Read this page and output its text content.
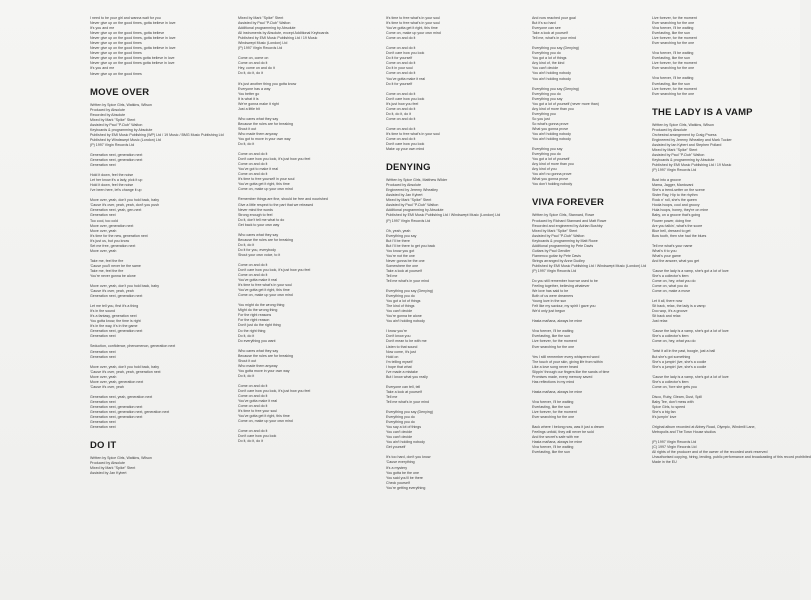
I need to be your girl and wanna wait for you
Never give up on the good times, gotta believe in love
It's you and me
Never give up on the good times, gotta believe
Never give up on the good times, gotta believe in love
Never give up on the good times
Never give up on the good times, gotta believe in love
Never give up on the good times
Never give up on the good times gotta believe in love
Never give up on the good times gotta believe in love
It's you and me
Never give up on the good times
MOVE OVER
Written by Spice Girls, Watkins, Wilson
Produced by Absolute
Recorded by Absolute
Mixed by Mark "Spike" Stent
Assisted by Paul "P-Dub" Walton
Keyboards & programming by Absolute
Published by EMI Music Publishing (WP) Ltd / 19 Music / BMG Music Publishing Ltd
Published by Windswept Music (London) Ltd
(P) 1997 Virgin Records Ltd
Generation next, generation next
Generation next, generation next
Generation next
Hold it down, feel the noise
Let her know it's a lady, pick it up
Hold it down, feel the noise
I've been here, let's change it up
Move over, yeah, don't you hold back, baby
'Cause it's over, yeah, yeah, don't you push
Generation next, yeah, gen-next
Generation next
Too cool, too cold
Move over, generation next
Move over, yeah
It's time for the new, generation next
It's just us, but you know
Set me free, generation next
Move over, yeah
Take me, feel the fire
'Cause you'll never be the same
Take me, feel the fire
You're never gonna be alone
Move over, yeah, don't you hold back, baby
'Cause it's over, yeah, yeah
Generation next, generation next
Let me tell you, first it's a thing
It's in the sound
It's a fantasy, generation next
You gotta know, the time is right
It's in the way, it's in the game
Generation next, generation next
Generation next
Seduction, confidence, phenomenon, generation next
Generation next
Generation next
Move over, yeah, don't you hold back, baby
'Cause it's over, yeah, yeah, generation next
Move over, yeah
Move over, yeah, generation next
'Cause it's over, yeah
Generation next, yeah, generation next
Generation next
Generation next, generation next
Generation next, generation next, generation next
Generation next, generation next
Generation next
Generation next
DO IT
Written by Spice Girls, Watkins, Wilson
Produced by Absolute
Mixed by Mark "Spike" Stent
Assisted by Jan Kybert
Mixed by Mark "Spike" Stent
Assisted by Paul "P-Dub" Walton
Additional programming by Absolute
All instruments by Absolute, except Additional Keyboards
Published by EMI Music Publishing Ltd / 19 Music
Windswept Music (London) Ltd
(P) 1997 Virgin Records Ltd
Come on, come on
Come on and do it
Hey, come on and do it
Do it, do it, do it
It's just another thing you gotta know
Everyone has a way
You better go
It is what it is
We're gonna make it right
Just a little bit
Who cares what they say
Because the rules are for breaking
Shout it out
Who made them anyway
You got to move in your own way
Do it, do it
Come on and do it
Don't care how you look, it's just how you feel
Come on and do it
You've got to make it real
Come on and do it
It's time to free yourself in your soul
You've gotta get it right, this time
Come on, make up your own mind
Remember things are fine, should be free and nourished
Give a little respect to the part that we released
Never mind the words
Strong enough to feel
Do it, don't tell me what to do
Get back to your own way
Who cares what they say
Because the rules are for breaking
Do it, do it
Do it for you, everybody
Shout your own voice, to it
Come on and do it
Don't care how you look, it's just how you feel
Come on and do it
You've gotta make it real
It's time to free what's in your soul
You've gotta get it right, this time
Come on, make up your own mind
You might do the wrong thing
Might do the wrong thing
For the right reasons
For the right reason
Don't just do the right thing
Do the right thing
Do it, do it
Do everything you want
Who cares what they say
Because the rules are for breaking
Shout it out
Who made them anyway
You gotta move in your own way
Do it, do it
Come on and do it
Don't care how you look, it's just how you feel
Come on and do it
You've gotta make it real
Come on and do it
It's time to free your soul
You've gotta get it right, this time
Come on, make up your own mind
Come on and do it
Don't care how you look
Do it, do it, do it
It's time to free what's in your soul
It's time to free what's in your soul
You've gotta get it right, this time
Come on, make up your own mind
Come on and do it
Come on and do it
Don't care how you look
Do it for yourself
Come on and do it
Do it in your soul
Come on and do it
You've gotta make it real
Do it for yourself
Come on and do it
Don't care how you look
It's just how you feel
Come on and do it
Do it, do it, do it
Come on and do it
Come on and do it
It's time to free what's in your soul
Come on and do it
Don't care how you look
Make up your own mind
DENYING
Written by Spice Girls, Matthew Wilder
Produced by Absolute
Engineered by Jeremy Wheatley
Assisted by Jan Kybert
Mixed by Mark "Spike" Stent
Assisted by Paul "P-Dub" Walton
Additional programming by Absolute
Published by EMI Music Publishing Ltd / Windswept Music (London) Ltd
(P) 1997 Virgin Records Ltd
Oh, yeah, yeah
Everything you say
But I'll be there
But I'll be there to get you back
You know you got
You're not the one
Never gonna be the one
Somewhere the one
Take a look at yourself
Tell me
Tell me what's in your mind
Everything you say (Denying)
Everything you do
You got a lot of things
The kind of things
You can't decide
You're gonna be alone
You ain't holding nobody
I know you're
Don't know you
Don't mean to be with me
Listen to that sound
Now come, it's just
Hold on
I'm telling myself
I hope that what
I've made a mistake
But I know what you really
Everyone can tell, tell
Take a look at yourself
Tell me
Tell me what's in your mind
Everything you say (Denying)
Everything you do
Everything you do
You say a lot of things
You can't decide
You can't decide
You ain't holding nobody
Get yourself
It's too hard, don't you know
'Cause everything
It's a mystery
You gotta be the one
You said you'll be there
Check yourself
You're getting everything
And now reached your goal
But it's so hard
Everyone can see
Take a look at yourself
Tell me, what's in your mind
Everything you say (Denying)
Everything you do
You got a lot of things
Any kind of, the kind
You can't decide
You ain't holding nobody
You ain't holding nobody
Everything you say (Denying)
Everything you do
Everything you say
You got a lot of yourself (never more than)
Any kind of more than you
Everything you
So you just
So what's gonna prove
What you gonna prove
You ain't holding nobody
You ain't holding nobody
Everything you say
Everything you do
You got a lot of yourself
Any kind of more than you
Any kind of you
You ain't no gonna prove
What you gonna prove
You don't holding nobody
VIVA FOREVER
Written by Spice Girls, Stannard, Rowe
Produced by Richard Stannard and Matt Rowe
Recorded and engineered by Adrian Bushby
Mixed by Mark "Spike" Stent
Assisted by Paul "P-Dub" Walton
Keyboards & programming by Matt Rowe
Additional programming by Pete Davis
Guitars by Paul Gendler
Flamenco guitar by Pete Davis
Strings arranged by Anne Dudley
Published by EMI Music Publishing Ltd / Windswept Music (London) Ltd
(P) 1997 Virgin Records Ltd
Do you still remember how we used to be
Feeling together, believing whatever
We love has said to be
Both of us were dreamers
Young love in the sun
Felt like my saviour, my spirit I gave you
We'd only just begun
Hasta mañana, always be mine
Viva forever, I'll be waiting
Everlasting, like the sun
Live forever, for the moment
Ever searching for the one
Yes I still remember every whispered word
The touch of your skin, giving life from within
Like a love song never heard
Slippin' through our fingers like the sands of time
Promises made, every memory saved
Has reflections in my mind
Hasta mañana, always be mine
Viva forever, I'll be waiting
Everlasting, like the sun
Live forever, for the moment
Ever searching for the one
Back where I belong now, was it just a dream
Feelings unfold, they will never be sold
And the secret's safe with me
Hasta mañana, always be mine
Viva forever, I'll be waiting
Everlasting, like the sun
Live forever, for the moment
Ever searching for the one
Viva forever, I'll be waiting
Everlasting, like the sun
Live forever, for the moment
Ever searching for the one
Viva forever, I'll be waiting
Everlasting, like the sun
Live forever, for the moment
Ever searching for the one
Viva forever, I'll be waiting
Everlasting, like the sun
Live forever, for the moment
Ever searching for the one
THE LADY IS A VAMP
Written by Spice Girls, Watkins, Wilson
Produced by Absolute
Orchestral arrangement by Craig Pruess
Engineered by Jeremy Wheatley and Mark Tucker
Assisted by Ian Kybert and Stephen Pollard
Mixed by Mark "Spike" Stent
Assisted by Paul "P-Dub" Walton
Keyboards & programming by Absolute
Published by EMI Music Publishing Ltd / 19 Music
(P) 1997 Virgin Records Ltd
Bust into a groove
Mama, Jagger, Mantovani
She's a trend-setter on the scene
Sister Ray, Hip to the rhythm
Rock n' roll, she's the queen
Hoola hoops, cool and groovy
Hula hoops, honey, they're on mine
Baby, on a groove that's going
Flower power, doing fine
Are you talkin', what's the score
Blue bell, dressed to get
Bow tooth, then she had the blues
Tell me what's your name
What's it to you
What's your game
And the answer, what you get
'Cause the lady is a vamp, she's got a lot of love
She's a collector's item
Come on, hey, what you do
Come on, what you do
Come on, make a move
Let it all, there now
Sit back, relax, the lady is a vamp
Doo wop, it's a groove
Sit back and relax
Just relax
'Cause the lady is a vamp, she's got a lot of love
She's a collector's item
Come on, hey, what you do
Twist it all in the past, boogie, just a ball
But she's got something
She's a jumpin' jive, she's a coolie
She's a jumpin' jive, she's a coolie
'Cause the lady is a vamp, she's got a lot of love
She's a collector's item
Come on, 'fore she gets you
Disco, Ruby, Gleam, Dust, Spill
Baby Tee, don't mess with
Spice Girls, to speed
She's a big fan
It's jumpin' love
Original album recorded at Abbey Road, Olympic, Windmill Lane,
Metropolis and The Town House studios
(P) 1997 Virgin Records Ltd
(C) 1997 Virgin Records Ltd
All rights of the producer and of the owner of the recorded work reserved
Unauthorised copying, hiring, lending, public performance and broadcasting of this record prohibited
Made in the EU
